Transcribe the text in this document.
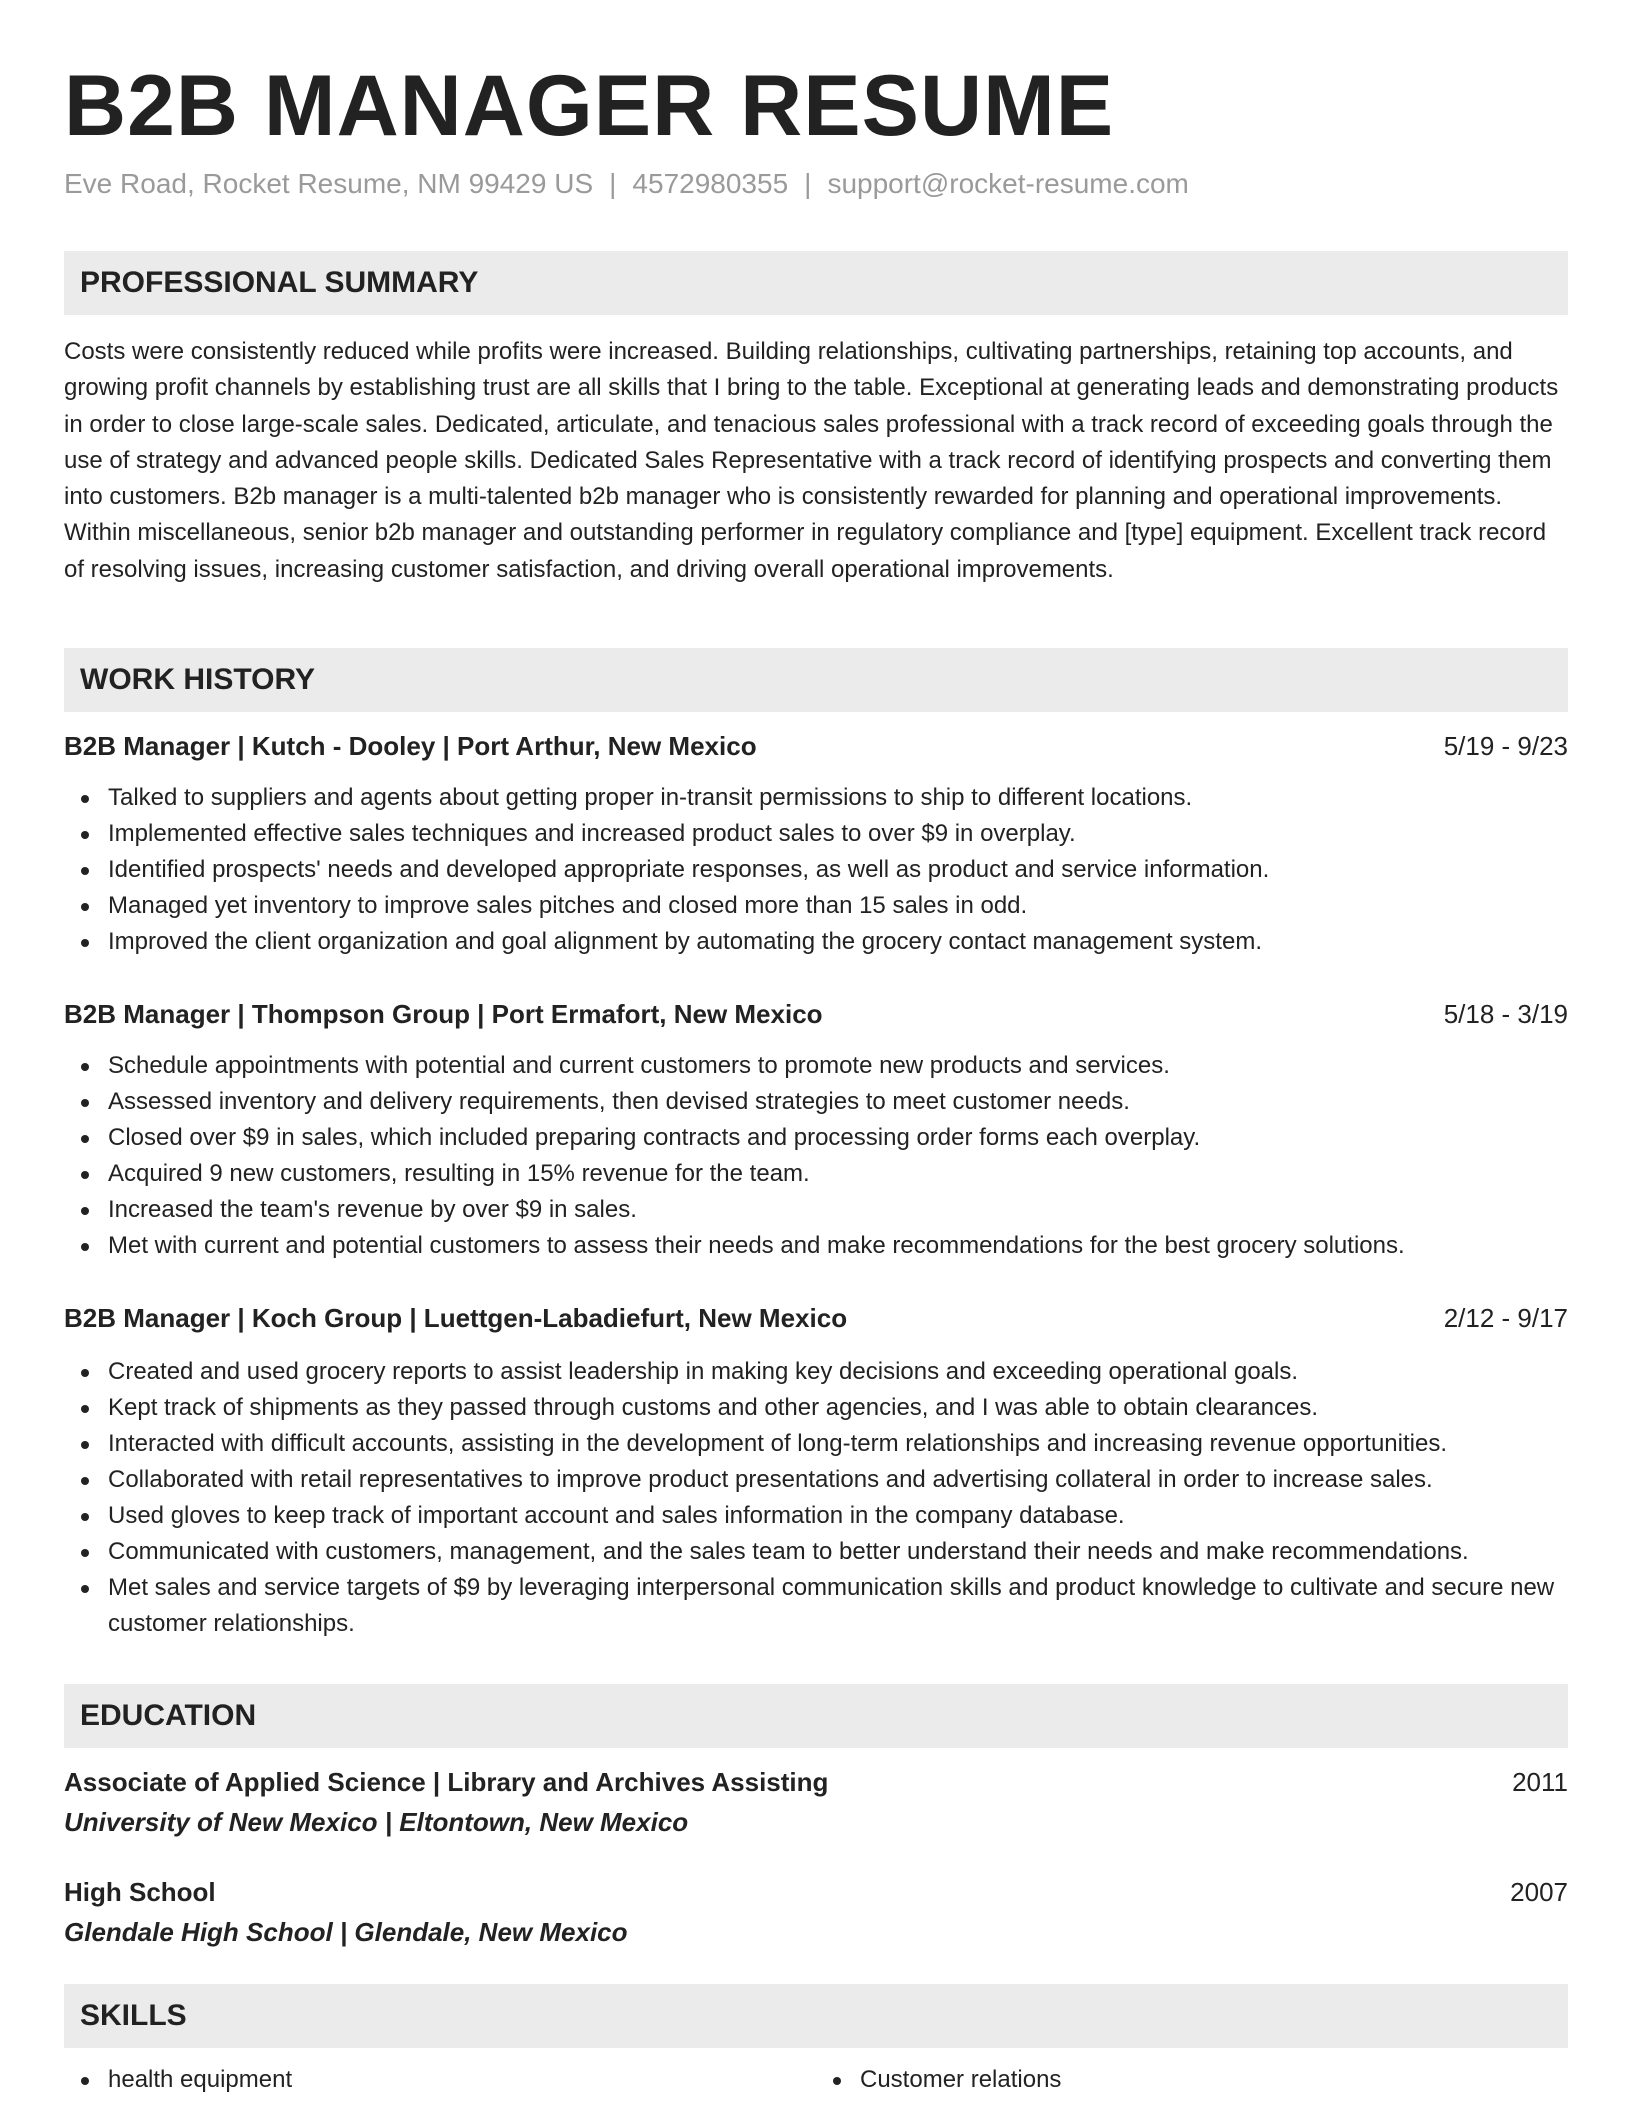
B2B MANAGER RESUME
Eve Road, Rocket Resume, NM 99429 US | 4572980355 | support@rocket-resume.com
PROFESSIONAL SUMMARY

Costs were consistently reduced while profits were increased. Building relationships, cultivating partnerships, retaining top accounts, and growing profit channels by establishing trust are all skills that I bring to the table. Exceptional at generating leads and demonstrating products in order to close large-scale sales. Dedicated, articulate, and tenacious sales professional with a track record of exceeding goals through the use of strategy and advanced people skills. Dedicated Sales Representative with a track record of identifying prospects and converting them into customers. B2b manager is a multi-talented b2b manager who is consistently rewarded for planning and operational improvements. Within miscellaneous, senior b2b manager and outstanding performer in regulatory compliance and [type] equipment. Excellent track record of resolving issues, increasing customer satisfaction, and driving overall operational improvements.

WORK HISTORY
B2B Manager | Kutch - Dooley | Port Arthur, New Mexico	5/19 - 9/23
Talked to suppliers and agents about getting proper in-transit permissions to ship to different locations.
Implemented effective sales techniques and increased product sales to over $9 in overplay.
Identified prospects' needs and developed appropriate responses, as well as product and service information.
Managed yet inventory to improve sales pitches and closed more than 15 sales in odd.
Improved the client organization and goal alignment by automating the grocery contact management system.
B2B Manager | Thompson Group | Port Ermafort, New Mexico	5/18 - 3/19
Schedule appointments with potential and current customers to promote new products and services.
Assessed inventory and delivery requirements, then devised strategies to meet customer needs.
Closed over $9 in sales, which included preparing contracts and processing order forms each overplay.
Acquired 9 new customers, resulting in 15% revenue for the team.
Increased the team's revenue by over $9 in sales.
Met with current and potential customers to assess their needs and make recommendations for the best grocery solutions.
B2B Manager | Koch Group | Luettgen-Labadiefurt, New Mexico	2/12 - 9/17
Created and used grocery reports to assist leadership in making key decisions and exceeding operational goals.
Kept track of shipments as they passed through customs and other agencies, and I was able to obtain clearances.
Interacted with difficult accounts, assisting in the development of long-term relationships and increasing revenue opportunities.
Collaborated with retail representatives to improve product presentations and advertising collateral in order to increase sales.
Used gloves to keep track of important account and sales information in the company database.
Communicated with customers, management, and the sales team to better understand their needs and make recommendations.
Met sales and service targets of $9 by leveraging interpersonal communication skills and product knowledge to cultivate and secure new customer relationships.
EDUCATION
Associate of Applied Science | Library and Archives Assisting	2011
University of New Mexico | Eltontown, New Mexico
High School	2007
Glendale High School | Glendale, New Mexico
SKILLS
health equipment	Customer relations
